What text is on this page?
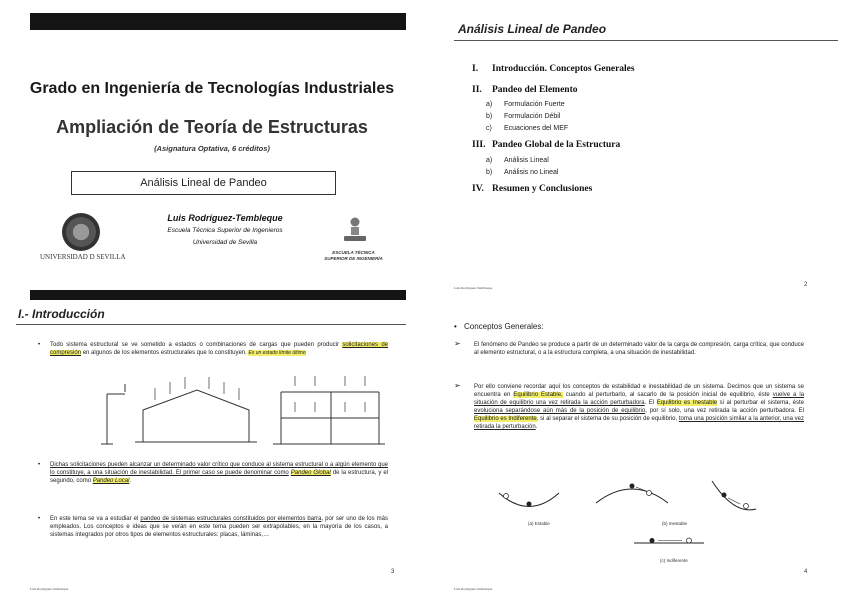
Grado en Ingeniería de Tecnologías Industriales
Ampliación de Teoría de Estructuras
(Asignatura Optativa, 6 créditos)
Análisis Lineal de Pandeo
Luis Rodríguez-Tembleque
Escuela Técnica Superior de Ingenieros
Universidad de Sevilla
UNIVERSIDAD D SEVILLA
ESCUELA TÉCNICA
SUPERIOR DE INGENIERÍA
Análisis Lineal de Pandeo
I. Introducción. Conceptos Generales
II. Pandeo del Elemento
a) Formulación Fuerte
b) Formulación Débil
c) Ecuaciones del MEF
III. Pandeo Global de la Estructura
a) Análisis Lineal
b) Análisis no Lineal
IV. Resumen y Conclusiones
Luis Rodríguez-Tembleque	2
I.- Introducción
• Todo sistema estructural se ve sometido a estados o combinaciones de cargas que pueden producir solicitaciones de compresión en algunos de los elementos estructurales que lo constituyen. Es un estado límite último
• Dichas solicitaciones pueden alcanzar un determinado valor crítico que conduce al sistema estructural o a algún elemento que lo constituye, a una situación de inestabilidad. El primer caso se puede denominar como Pandeo Global de la estructura, y el segundo, como Pandeo Local.
• En este tema se va a estudiar el pandeo de sistemas estructurales constituidos por elementos barra, por ser uno de los más empleados. Los conceptos e ideas que se verán en este tema pueden ser extrapolables, en la mayoría de los casos, a sistemas integrados por otros tipos de elementos estructurales: placas, láminas,…
Luis Rodríguez-Tembleque
3
• Conceptos Generales:
➢ El fenómeno de Pandeo se produce a partir de un determinado valor de la carga de compresión, carga crítica, que conduce al elemento estructural, o a la estructura completa, a una situación de inestabilidad.
➢ Por ello conviene recordar aquí los conceptos de estabilidad e inestabilidad de un sistema. Decimos que un sistema se encuentra en Equilibrio Estable, cuando al perturbarlo, al sacarlo de la posición inicial de equilibrio, éste vuelve a la situación de equilibrio una vez retirada la acción perturbadora. El Equilibrio es Inestable si al perturbar el sistema, éste evoluciona separándose aún más de la posición de equilibrio, por sí solo, una vez retirada la acción perturbadora. El Equilibrio es Indiferente, si al separar el sistema de su posición de equilibrio, toma una posición similar a la anterior, una vez retirada la perturbación.
(a) Estable	(b) Inestable
(c) Indiferente
Luis Rodríguez-Tembleque
4
